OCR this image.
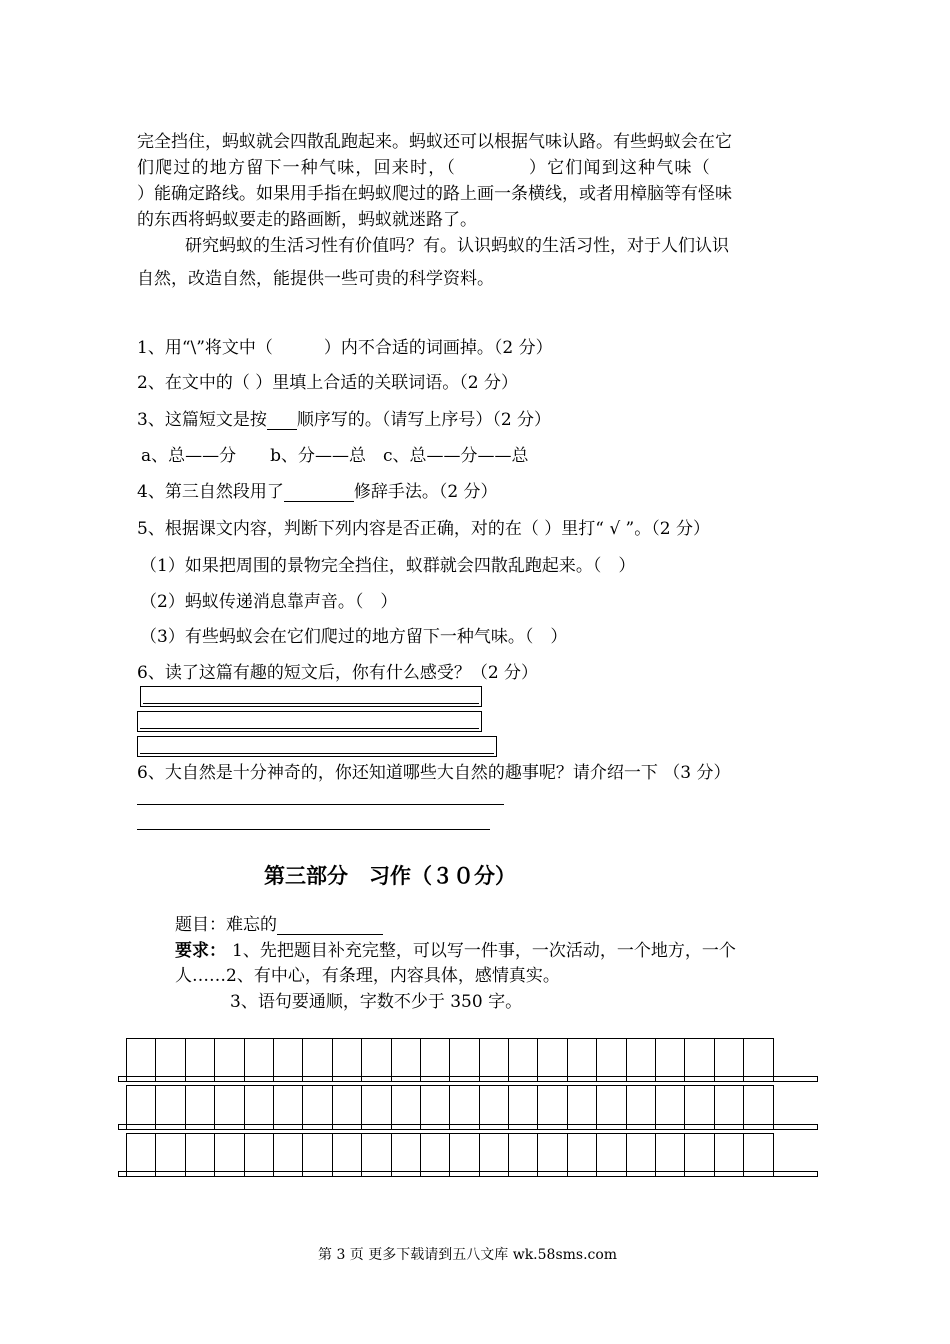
完全挡住，蚂蚁就会四散乱跑起来。蚂蚁还可以根据气味认路。有些蚂蚁会在它
们爬过的地方留下一种气味，回来时，（　　　　）它们闻到这种气味（
）能确定路线。如果用手指在蚂蚁爬过的路上画一条横线，或者用樟脑等有怪味
的东西将蚂蚁要走的路画断，蚂蚁就迷路了。
研究蚂蚁的生活习性有价值吗？有。认识蚂蚁的生活习性，对于人们认识
自然，改造自然，能提供一些可贵的科学资料。
1、用“\”将文中（　　　）内不合适的词画掉。（2 分）
2、在文中的（ ）里填上合适的关联词语。（2 分）
3、这篇短文是按 顺序写的。（请写上序号）（2 分）
a、总——分　　b、分——总　c、总——分——总
4、第三自然段用了	修辞手法。（2 分）
5、根据课文内容，判断下列内容是否正确，对的在（ ）里打“ √ ”。（2 分）
（1）如果把周围的景物完全挡住，蚁群就会四散乱跑起来。（　）
（2）蚂蚁传递消息靠声音。（　）
（3）有些蚂蚁会在它们爬过的地方留下一种气味。（　）
6、读了这篇有趣的短文后，你有什么感受？（2 分）
6、大自然是十分神奇的，你还知道哪些大自然的趣事呢？请介绍一下 （3 分）
第三部分　习作（３０分）
题目：难忘的
要求： 1、先把题目补充完整，可以写一件事，一次活动，一个地方，一个
人……2、有中心，有条理，内容具体，感情真实。
3、语句要通顺，字数不少于 350 字。
第 3 页 更多下载请到五八文库 wk.58sms.com
